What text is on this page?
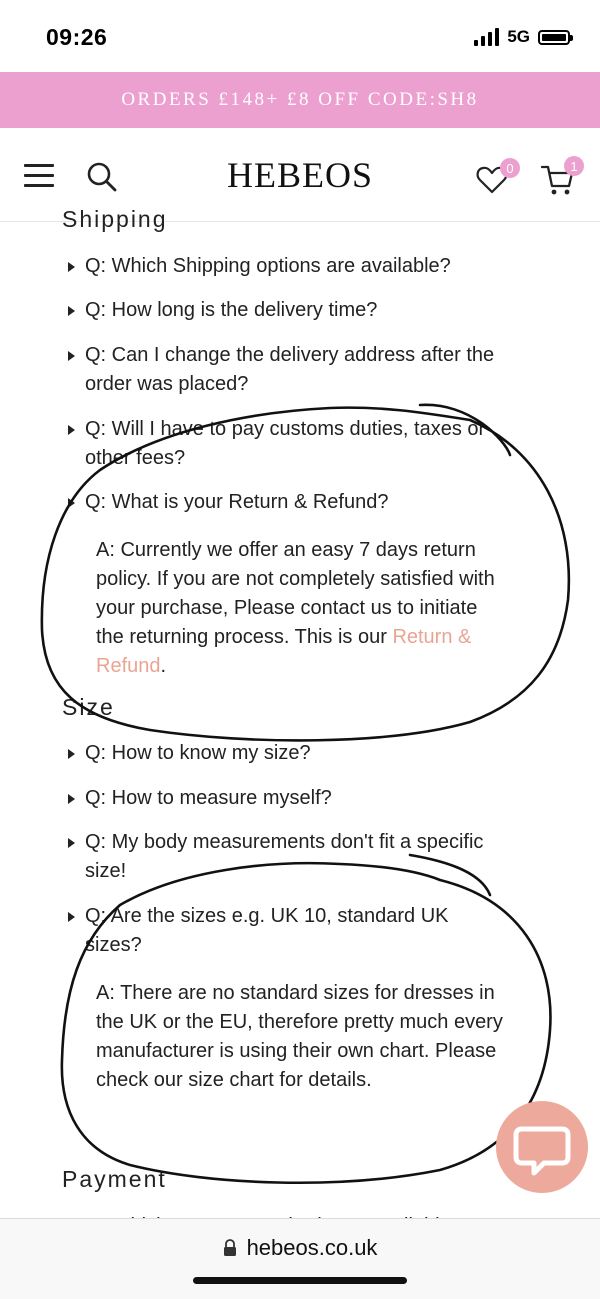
09:26	5G
ORDERS £148+ £8 OFF CODE:SH8
HEBEOS	0	1
Shipping
Q: Which Shipping options are available?
Q: How long is the delivery time?
Q: Can I change the delivery address after the order was placed?
Q: Will I have to pay customs duties, taxes or other fees?
Q: What is your Return & Refund?
A: Currently we offer an easy 7 days return policy. If you are not completely satisfied with your purchase, Please contact us to initiate the returning process. This is our Return & Refund.
Size
Q: How to know my size?
Q: How to measure myself?
Q: My body measurements don't fit a specific size!
Q: Are the sizes e.g. UK 10, standard UK sizes?
A: There are no standard sizes for dresses in the UK or the EU, therefore pretty much every manufacturer is using their own chart. Please check our size chart for details.
Payment
hebeos.co.uk
